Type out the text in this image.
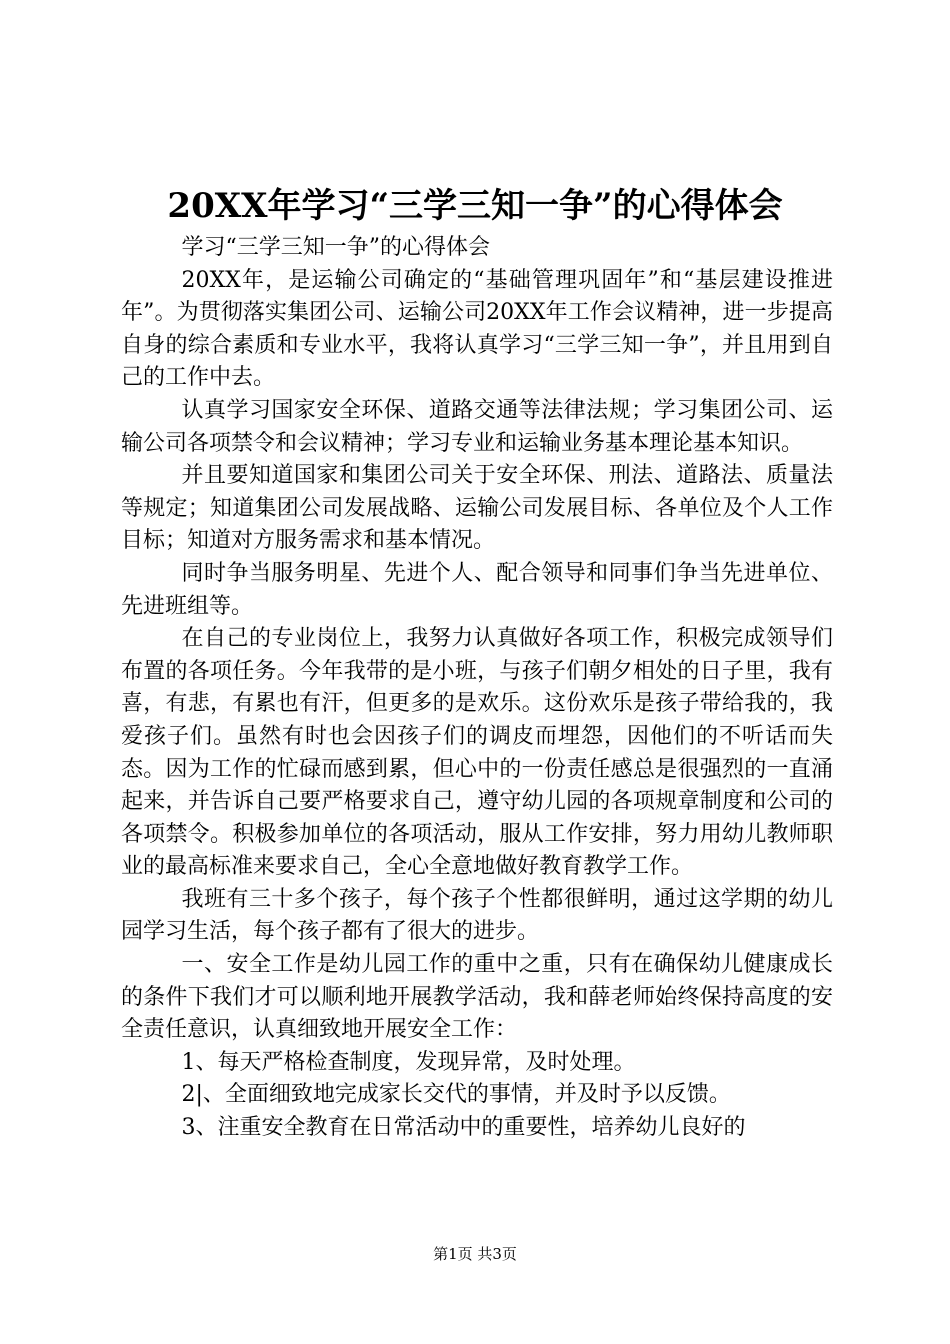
20XX年学习“三学三知一争”的心得体会

学习“三学三知一争”的心得体会

20XX年，是运输公司确定的“基础管理巩固年”和“基层建设推进年”。为贯彻落实集团公司、运输公司20XX年工作会议精神，进一步提高自身的综合素质和专业水平，我将认真学习“三学三知一争”，并且用到自己的工作中去。

认真学习国家安全环保、道路交通等法律法规；学习集团公司、运输公司各项禁令和会议精神；学习专业和运输业务基本理论基本知识。

并且要知道国家和集团公司关于安全环保、刑法、道路法、质量法等规定；知道集团公司发展战略、运输公司发展目标、各单位及个人工作目标；知道对方服务需求和基本情况。

同时争当服务明星、先进个人、配合领导和同事们争当先进单位、先进班组等。

在自己的专业岗位上，我努力认真做好各项工作，积极完成领导们布置的各项任务。今年我带的是小班，与孩子们朝夕相处的日子里，我有喜，有悲，有累也有汗，但更多的是欢乐。这份欢乐是孩子带给我的，我爱孩子们。虽然有时也会因孩子们的调皮而埋怨，因他们的不听话而失态。因为工作的忙碌而感到累，但心中的一份责任感总是很强烈的一直涌起来，并告诉自己要严格要求自己，遵守幼儿园的各项规章制度和公司的各项禁令。积极参加单位的各项活动，服从工作安排，努力用幼儿教师职业的最高标准来要求自己，全心全意地做好教育教学工作。

我班有三十多个孩子，每个孩子个性都很鲜明，通过这学期的幼儿园学习生活，每个孩子都有了很大的进步。

一、安全工作是幼儿园工作的重中之重，只有在确保幼儿健康成长的条件下我们才可以顺利地开展教学活动，我和薛老师始终保持高度的安全责任意识，认真细致地开展安全工作：

1、每天严格检查制度，发现异常，及时处理。

2|、全面细致地完成家长交代的事情，并及时予以反馈。

3、注重安全教育在日常活动中的重要性，培养幼儿良好的

第1页 共3页
